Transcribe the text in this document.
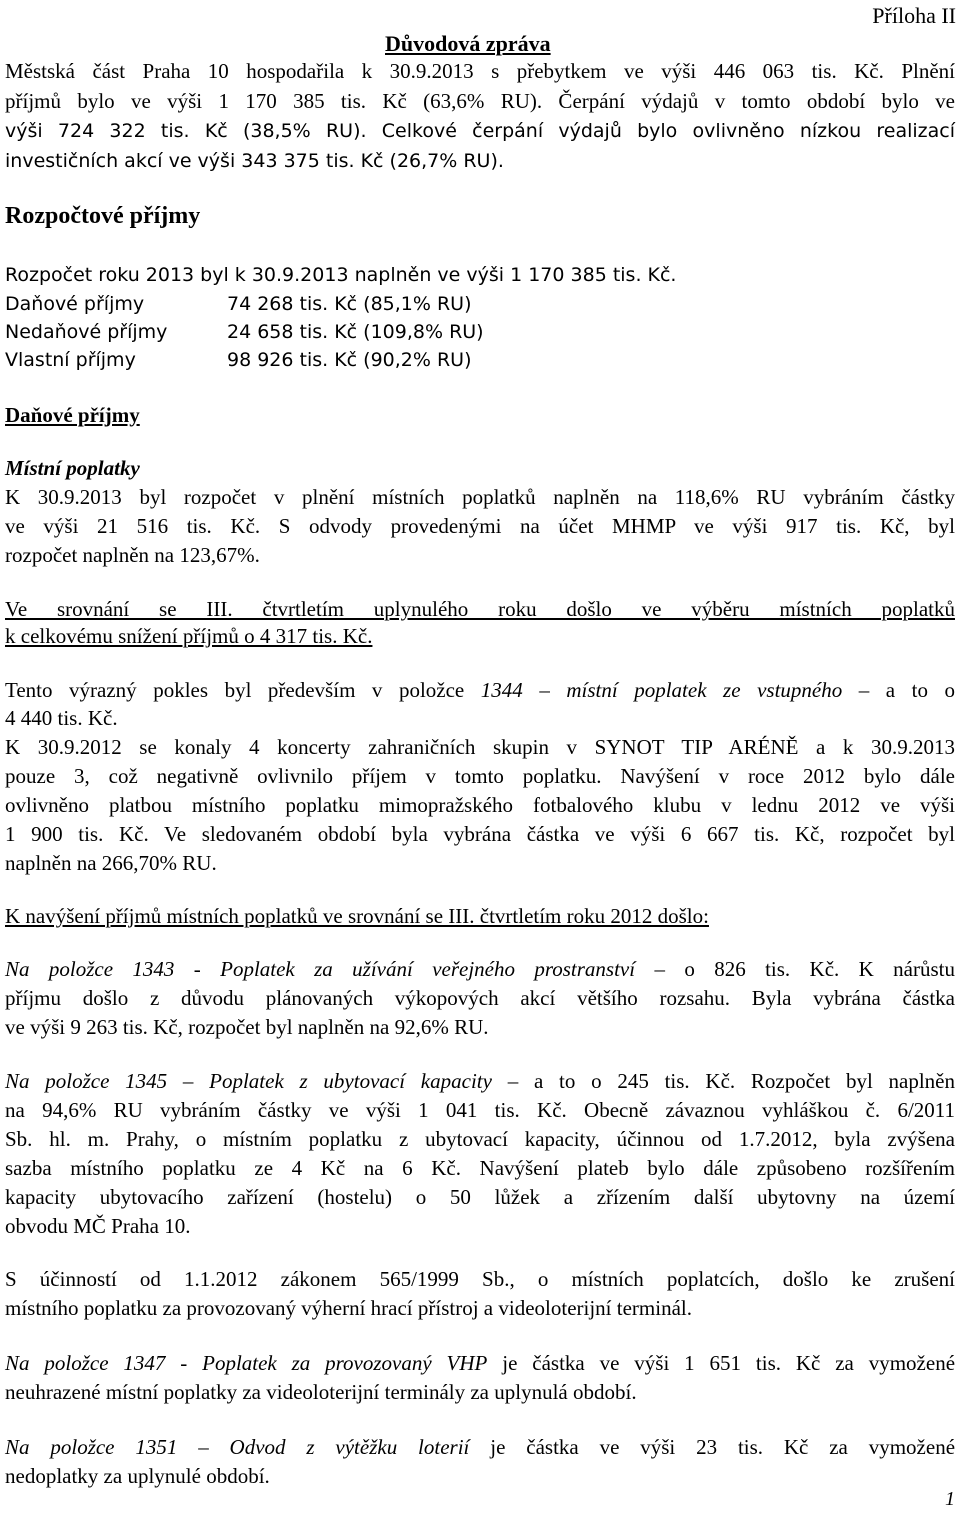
Příloha II
Důvodová zpráva
Městská část Praha 10 hospodařila k 30.9.2013 s přebytkem ve výši 446 063 tis. Kč. Plnění
příjmů bylo ve výši 1 170 385 tis. Kč (63,6% RU). Čerpání výdajů v tomto období bylo ve
výši 724 322 tis. Kč (38,5% RU). Celkové čerpání výdajů bylo ovlivněno nízkou realizací
investičních akcí ve výši 343 375 tis. Kč (26,7% RU).
Rozpočtové příjmy
Rozpočet roku 2013 byl k 30.9.2013 naplněn ve výši 1 170 385 tis. Kč.
Daňové příjmy	74 268 tis. Kč (85,1% RU)
Nedaňové příjmy	24 658 tis. Kč (109,8% RU)
Vlastní příjmy	98 926 tis. Kč (90,2% RU)
Daňové příjmy
Místní poplatky
K 30.9.2013 byl rozpočet v plnění místních poplatků naplněn na 118,6% RU vybráním částky
ve výši 21 516 tis. Kč. S odvody provedenými na účet MHMP ve výši 917 tis. Kč, byl
rozpočet naplněn na 123,67%.
Ve srovnání se III. čtvrtletím uplynulého roku došlo ve výběru místních poplatků
k celkovému snížení příjmů o 4 317 tis. Kč.
Tento výrazný pokles byl především v položce 1344 – místní poplatek ze vstupného – a to o
4 440 tis. Kč.
K 30.9.2012 se konaly 4 koncerty zahraničních skupin v SYNOT TIP ARÉNĚ a k 30.9.2013
pouze 3, což negativně ovlivnilo příjem v tomto poplatku. Navýšení v roce 2012 bylo dále
ovlivněno platbou místního poplatku mimopražského fotbalového klubu v lednu 2012 ve výši
1 900 tis. Kč. Ve sledovaném období byla vybrána částka ve výši 6 667 tis. Kč, rozpočet byl
naplněn na 266,70% RU.
K navýšení příjmů místních poplatků ve srovnání se III. čtvrtletím roku 2012 došlo:
Na položce 1343 - Poplatek za užívání veřejného prostranství – o 826 tis. Kč. K nárůstu
příjmu došlo z důvodu plánovaných výkopových akcí většího rozsahu. Byla vybrána částka
ve výši 9 263 tis. Kč, rozpočet byl naplněn na 92,6% RU.
Na položce 1345 – Poplatek z ubytovací kapacity – a to o 245 tis. Kč. Rozpočet byl naplněn
na 94,6% RU vybráním částky ve výši 1 041 tis. Kč. Obecně závaznou vyhláškou č. 6/2011
Sb. hl. m. Prahy, o místním poplatku z ubytovací kapacity, účinnou od 1.7.2012, byla zvýšena
sazba místního poplatku ze 4 Kč na 6 Kč. Navýšení plateb bylo dále způsobeno rozšířením
kapacity ubytovacího zařízení (hostelu) o 50 lůžek a zřízením další ubytovny na území
obvodu MČ Praha 10.
S účinností od 1.1.2012 zákonem 565/1999 Sb., o místních poplatcích, došlo ke zrušení
místního poplatku za provozovaný výherní hrací přístroj a videoloterijní terminál.
Na položce 1347 - Poplatek za provozovaný VHP je částka ve výši 1 651 tis. Kč za vymožené
neuhrazené místní poplatky za videoloterijní terminály za uplynulá období.
Na položce 1351 – Odvod z výtěžku loterií je částka ve výši 23 tis. Kč za vymožené
nedoplatky za uplynulé období.
1
